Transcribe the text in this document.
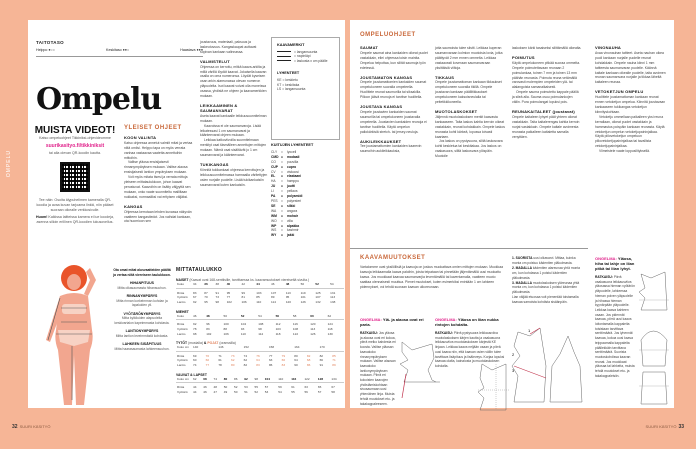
OMPELU
TAITOTASO
Helppo ●○○	Keskitaso ●●○	Haastava ●●●
Ompelu
MUISTA VIDEOT!
Katso ompeluohjeet Tikkiniksi-ohjevideomme
suurikasityo.fi/tikkiniksit
tai alla olevan QR-koodin kautta.
Tee näin: Osoita älypuhelimen kameralla QR-koodia ja avaa kuvan tarjoama linkki, niin pääset suoraan oikealle verkkosivulle.
Huom! Kaikissa laitteissa kamera ei lue koodeja, asenna silloin erillinen QR-koodien lukusovellus.
YLEISET OHJEET
KOON VALINTA

Katso ohjeessa annetut valmiit mitat ja vertaa niitä omiisi. Helppo tapa on myös verrata vanhaa vastaavaa vaatetta annettuihin mittoihin.

Valitse yläosa ensisijaisesti rinnanympäryksen mukaan. Valitse alaosa ensisijaisesti lantion ympäryksen mukaan.

Voit myös mitata itsesi ja verrata mittoja yleiseen mittataulukkoon, johon kaavat perustuvat. Kaavoihin on lisätty väljyyttä sen mukaan, onko vaate suunniteltu malliltaan nukkaksi, normaaliksi vai erityisen väljäksi.

KANGAS

Ohjeessa kerrotaan lehden kuvassa näkyvän vaatteen kangastiedot. Jos vaihdat kankaan, ota huomioon sen

joustavuus, materiaali, paksuus ja laskeutuvuus. Kangaskaupat auttavat sopivan kankaan valinnassa.

VALMISTELUT

Ohjeessa on kerrottu, mitkä kaava-arkilta ja millä värillä löydät kaavat. Jokaisella kaavan osalla on oma numeronsa. Löydät kyseisen osan arkin alareunassa olevan numeron yläpuolelta. Isot kaavat voivat olla moneissa osassa, yhdistä ne ohjeen ja kaavamerkkien mukaan.

LEIKKAAMINEN & SAUMANVARAT

Aseta kaavat kankaalle leikkuusuunnitelman mukaan.

Kaavoissa ei ole saumanvaroja. Lisää leikatessasi 1 cm saumanvarat ja käänteevarat ohjeen mukaan.

Leikkaa katkoviivoilla suunnitelmaan merkityt osat täsmälleen annettujen mittojen mukaan. Nämä osat sisältävät jo 1 cm saumanvarat ja käänteevarat.

TUKIKANGAS

Kiinnitä tukikankaat ohjeessa kerrottujen ja leikkuusuunnitelmassa harmaalla väritettyjen osien nurjalle puolelle. Lisää tukikankaisiin saumanvarat kuten kankaisiin.

KAAVAMERKIT
= langansuunta
= napinläpi
= laskosta x cm päälle
LYHENTEET
KE = keskietu
KT = keskitaka
LS = langansuunta
KUITUJEN LYHENTEET
CLY	=	lyocell
CMD =	modaali
CO	=	puuvilla
CUP =	cupro
CV	=	viskoosi
EL	=	elastaani
HA	=	hamppu
JU	=	juutti
LI	=	pellava
PA	=	polyamidi
PES	=	polyesteri
SE	=	silkki
WA	=	angora
WM	=	mohair
WO	=	villa
WP	=	alpakka
WS	=	kashmir
WY	=	jakki
Ota omat mitat alusvaatteiden päältä ja vertaa niitä viereiseen taulukkoon.
HIHANPITUUS
Mitta olkasaumasta hihansuuhun.
RINNANYMPÄRYS
Mitta rinnan korkeimman kohdan ja lapaluiden yli.
VYÖTÄRÖNYMPÄRYS
Mitta kylkiluiden alapuolelta keskivartalon kapeimmasta kohdasta.
LANTIONYMPÄRYS
Mitta lantion leveimmästä kohdasta.
LAHKEEN SISÄPITUUS
Mitta haarasaumasta lahkeensuuhun.
MITTATAULUKKO
NAISET (Kaavat ovat 168-senttisille, tarvittaessa ks. kaavamuutokset viereiseltä sivulta.)
Koko	34	36	38	40	42	44	46	48	50	52	54
Rinta	83	87	91	95	99	103	107	113	119	125	131
Vyötärö	67	70	73	77	81	85	89	95	101	107	113
Lantio	92	95	98	102	106	110	114	120	126	132	138
MIEHET
Koko	46	48	50	52	54	56	58	60	62
Rinta	92	96	100	104	108	112	116	120	124
Vyötärö	78	83	88	93	98	103	108	113	118
Lantio	98	102	106	110	114	118	122	126	130
TYTÖT (mustalla) & POJAT (oranssilla)
Koko cm	140		146		152		158		164		170	
Rinta	69	70	71	73	74	76	77	79	80	82	82	85
Vyötärö	60	60	61	62	62	64	63	66	64	68	66	71
Lantio	74	77	78	80	82	83	86	83	90	86	91	89
VAUVAT & LAPSET
Koko cm	62	68	74	80	86	92	98	104	110	116	122	128	134
Rinta	44	46	48	50	52	53	55	57	59	61	63	65	67
Vyötärö	44	46	47	49	50	51	52	53	54	55	56	57	58
32 SUURI KÄSITYÖ
OMPELUOHJEET
SAUMAT

Ompele saumat aina kankaiden oikeat puolet vastakkain, ellei ohjeessa toisin mainita. Ompelua helpottaa, kun silität saumoja työn edetessä.

JOUSTAMATON KANGAS

Ompele joustamattomien kankaiden saumat ompelukoneen suoralla ompeleella. Huolittele reunat saumurilla tai siksakilla. Pilloon jäävä reunoja ei tarvitse huolitella.

JOUSTAVA KANGAS

Ompele joustavien kankaiden saumat saumurilla tai ompelukoneen joustavalla ompeleella. Joustavien kankaiden reunoja ei tarvitse huolitella. Käytä ompelun pallokärkisiä stretch- tai jersey-neuloja.

AUKILEIKKAUKSET

Tee joustamattomien kankaiden kaarevin saumoihin aukileikkauksia,

jotta saumoista tulee siistit. Leikkaa kuperan saumanvaraan kolmion muotoisia lovia, jotka päättyvät 2 mm ennen ommelta. Leikkaa vastaavasti koveraan saumanvaraan yksittäisiä viiltoja.

TIKKAUS

Ompele joustamattoman kankaan tikkaukset ompelukoneen suoralla tikillä. Ompele joustavan kankaan päällitikkaukset ompelukoneen kaksoisneulalla tai peitetikkikoneella.

MUOTOLASKOKSET

Jäljennä muotolaskoksen merkit kaavasta kankaaseen. Taita laskos kahtia kerroin oikeat vastakkain, reunat kohdakkain. Ompele laskos reunasta kohti kärkeä, lopussa loivasti kaartaen.

Jos laskos on pystysuora, silitä laskosvara kohti keskietua tai keskitakaa. Jos laskos on vaakasuora, silitä laskosvara ylöspäin. Muotoile

laskoksen kärki tasaiseksi silittämällä oikealta.

POIMUTUS

Käytä ompelukoneen pitkää suoraa ommelta. Ompele poimutettavaan reunaan 2 poimulankaa, toinen 7 mm ja toinen 13 mm päähän reunasta. Poimuta reuna vetämällä varovasti molempien ompeleiden ylä- tai alalangoista samanaikaisesti.

Ompele sauma poimutettu kappale päällä ja sileä alla. Sauma osuu poimulankojen väliin. Pura poimulangat lopuksi pois.

REUNAKAITALEET (joustavat)

Ompele kaitaleen lyhyet päät yhteen oikeat vastakkain. Taita kaitalerengas kahtia kerroin nurjat vastakkain. Ompele kaitale avoimesta reunasta paikalleen kaitaletta samalla venyttäen.

VINONAUHA

Avaa vinonauhan taitteet. Aseta nauhan oikea puoli kankaan nurjalle puolelle reunat kohdakkain. Ompele nauha kiinni 1 mm taitteesta saumanvaran puolelle. Käännä kaitale kankaan oikealle puolelle, taita avoimen reunan saumanvara nurjalle ja tikkaa läheltä kaitaleen reunaa.

VETOKETJUN OMPELU

Huolittele joustamattoman kankaan reunat ennen vetoketjun ompelua. Kiinnitä joustavaan kankaaseen tukikangas vetoketjun kiinnityskohtaan.

Vetoketju ommellaan paikalleen yksi reuna kerrallaan, oikeat puolet vastakkain ja hammastus poispäin kankaan reunasta. Käytä vetoketjun ompelun vetoketjupaininjalkaa. Käytä piilovetoketjun ompeluun piilovetoketjupaininjalkaa tai tavallista vetoketjupaininjalkaa.

Viimeistele vaate loppusilityksellä.

KAAVAMUUTOKSET

Vartalomme ovat yksilöllisiä ja kaavoja on joskus muokattava omien mittojen mukaan. Muokkaa kaavoja leikkaamalla kaava paloihin, joista teipataan tai pinnetään jäljentämällä uusi muokattu kaava. Jos muokkaat kaavaa saumanvarjia leventämällä tai kaventamalla, vaatteen muoto saattaa olennaisesti muuttua. Pienet muutokset, kuten esimerkiksi enintään 1 cm lahkeen pidennykset, voi tehdä suoraan kaavan ulkoreunaan.

ONGELMA: Ylä- ja alaosa ovat eri paria.
RATKAISU: Jos yläosa ja alaosa ovat eri kokoa, piirrä melko kahdesta eri koosta. Valitse yläosan kaavakoko rinnanympäryksen mukaan. Valitse alaosan kaavakoko lantionympäryksen mukaan. Piirrä eri kokoisten kaavojen yhdistämiskohtaan sivusaumaan uusi yhtenäinen linja. Muista tehdä muutokset etu- ja takakappaleeseen.
ONGELMA: Yläosa on liian nukka rintojen kohdalta.
RATKAISU: Piirrä pystysuora leikkausviiva muotolaskoksen kärjen kautta ja vaakasuora leikkausviiva muotolaskoksen kärjestä KE linjaan. Leikkaa kaava neljään osaan ja piirrä uusi kaava niin, että kaavan osien väliin tulee tarvittava lisäpituus ja lisäleveys. Korjaa lopuksi kaavaa olalta, kainalosta ja muotolaskoksen kohdalta.

1. SUORISTA uusi olkavarvi. Mittaa, kuinka monta cm poistuu kädentien yläkulmasta.

2. MADALLA kädentien alareunaa yhtä monta cm, kun kohdassa 1 poistui kädentien yläkulmasta.

3. MADALLA muotolaskoksen yläreunaa yhtä monta cm, kun kohdassa 1 poistui kädentien yläkulmasta.

Lian väljää etuosaa voit pienentää toistamalla kaavaa samoista kohdista sisäänpäin.

1
2
3
ONGELMA: Yläosa, hiha tai lahje on liian pitkä tai liian lyhyt.
RATKAISU: Piirrä vaakasuora leikkausviiva yläosassa hieman vyötärön yläpuolelle, lahkeessa hieman polven yläpuolelle ja hihassa hieman kyynärpään yläpuolelle. Leikkaa kaava kahteen osaan. Jos pidennät kaavaa, piirrä uusi kaava loitontamalla kappaleita toisistaan tarvittava senttimäärä. Jos lyhennät kaavaa, kokoa uusi kaava teippaamalla kappaleita päällekkäin tarvittava senttimäärä. Suorista muotoskohdissa kaavan reunat. Jos muokkaat yläosaa tai lahkeita, muista tehdä muutokset etu- ja takakappaleisiin.
SUURI KÄSITYÖ 33
